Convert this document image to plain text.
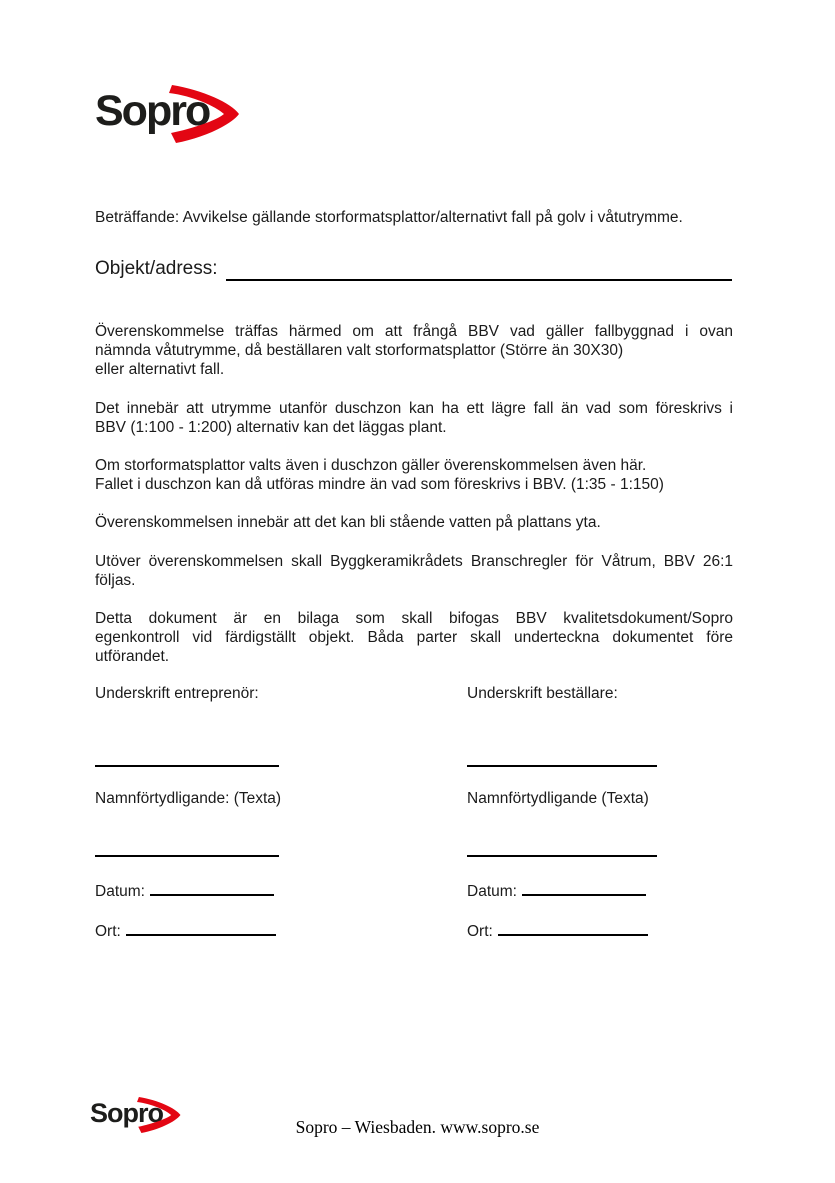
Sopro
Beträffande: Avvikelse gällande storformatsplattor/alternativt fall på golv i våtutrymme.
Objekt/adress:

Överenskommelse träffas härmed om att frångå BBV vad gäller fallbyggnad i ovan
nämnda våtutrymme, då beställaren valt storformatsplattor (Större än 30X30)
eller alternativt fall.

Det innebär att utrymme utanför duschzon kan ha ett lägre fall än vad som föreskrivs i
BBV (1:100 - 1:200) alternativ kan det läggas plant.

Om storformatsplattor valts även i duschzon gäller överenskommelsen även här.
Fallet i duschzon kan då utföras mindre än vad som föreskrivs i BBV. (1:35 - 1:150)

Överenskommelsen innebär att det kan bli stående vatten på plattans yta.

Utöver överenskommelsen skall Byggkeramikrådets Branschregler för Våtrum, BBV 26:1
följas.

Detta dokument är en bilaga som skall bifogas BBV kvalitetsdokument/Sopro
egenkontroll vid färdigställt objekt. Båda parter skall underteckna dokumentet före
utförandet.

Underskrift entreprenör:
Namnförtydligande: (Texta)
Datum:
Ort:
Underskrift beställare:
Namnförtydligande (Texta)
Datum:
Ort:
Sopro	Sopro – Wiesbaden. www.sopro.se
